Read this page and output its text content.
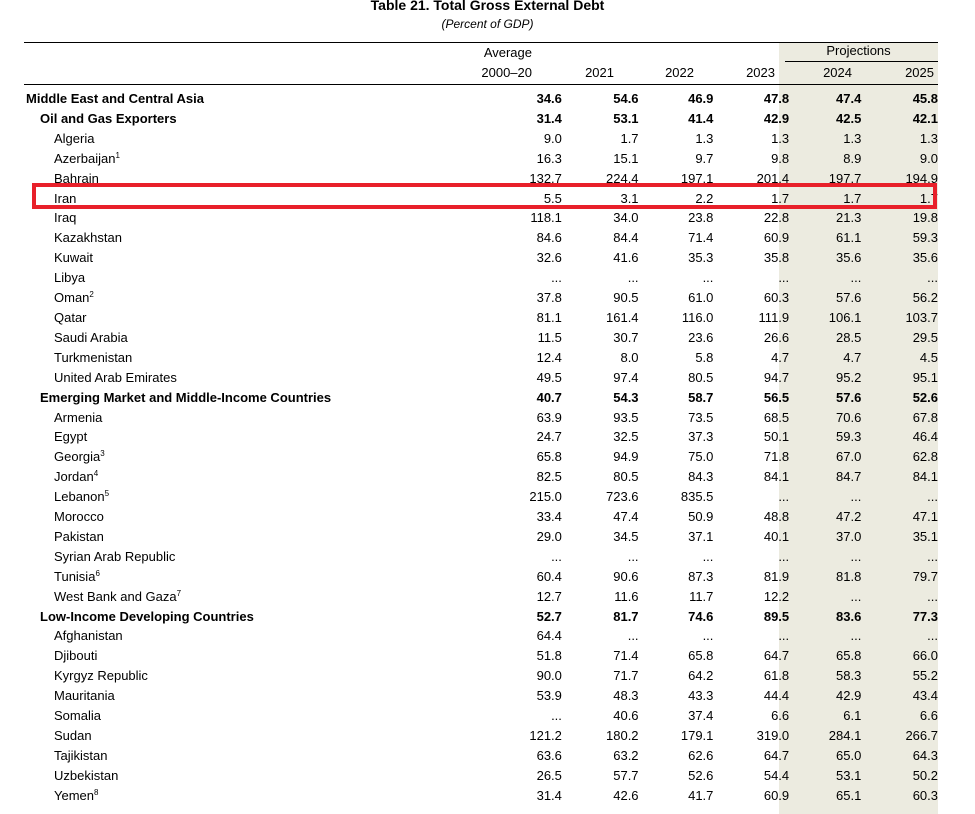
Table 21. Total Gross External Debt
(Percent of GDP)
Projections
Average
2000–20	2021	2022	2023	2024	2025
Middle East and Central Asia	34.6	54.6	46.9	47.8	47.4	45.8
Oil and Gas Exporters	31.4	53.1	41.4	42.9	42.5	42.1
Algeria	9.0	1.7	1.3	1.3	1.3	1.3
Azerbaijan$^1$	16.3	15.1	9.7	9.8	8.9	9.0
Bahrain	132.7	224.4	197.1	201.4	197.7	194.9
Iran	5.5	3.1	2.2	1.7	1.7	1.7
Iraq	118.1	34.0	23.8	22.8	21.3	19.8
Kazakhstan	84.6	84.4	71.4	60.9	61.1	59.3
Kuwait	32.6	41.6	35.3	35.8	35.6	35.6
Libya	...	...	...	...	...	...
Oman$^2$	37.8	90.5	61.0	60.3	57.6	56.2
Qatar	81.1	161.4	116.0	111.9	106.1	103.7
Saudi Arabia	11.5	30.7	23.6	26.6	28.5	29.5
Turkmenistan	12.4	8.0	5.8	4.7	4.7	4.5
United Arab Emirates	49.5	97.4	80.5	94.7	95.2	95.1
Emerging Market and Middle-Income Countries	40.7	54.3	58.7	56.5	57.6	52.6
Armenia	63.9	93.5	73.5	68.5	70.6	67.8
Egypt	24.7	32.5	37.3	50.1	59.3	46.4
Georgia$^3$	65.8	94.9	75.0	71.8	67.0	62.8
Jordan$^4$	82.5	80.5	84.3	84.1	84.7	84.1
Lebanon$^5$	215.0	723.6	835.5	...	...	...
Morocco	33.4	47.4	50.9	48.8	47.2	47.1
Pakistan	29.0	34.5	37.1	40.1	37.0	35.1
Syrian Arab Republic	...	...	...	...	...	...
Tunisia$^6$	60.4	90.6	87.3	81.9	81.8	79.7
West Bank and Gaza$^7$	12.7	11.6	11.7	12.2	...	...
Low-Income Developing Countries	52.7	81.7	74.6	89.5	83.6	77.3
Afghanistan	64.4	...	...	...	...	...
Djibouti	51.8	71.4	65.8	64.7	65.8	66.0
Kyrgyz Republic	90.0	71.7	64.2	61.8	58.3	55.2
Mauritania	53.9	48.3	43.3	44.4	42.9	43.4
Somalia	...	40.6	37.4	6.6	6.1	6.6
Sudan	121.2	180.2	179.1	319.0	284.1	266.7
Tajikistan	63.6	63.2	62.6	64.7	65.0	64.3
Uzbekistan	26.5	57.7	52.6	54.4	53.1	50.2
Yemen$^8$	31.4	42.6	41.7	60.9	65.1	60.3
